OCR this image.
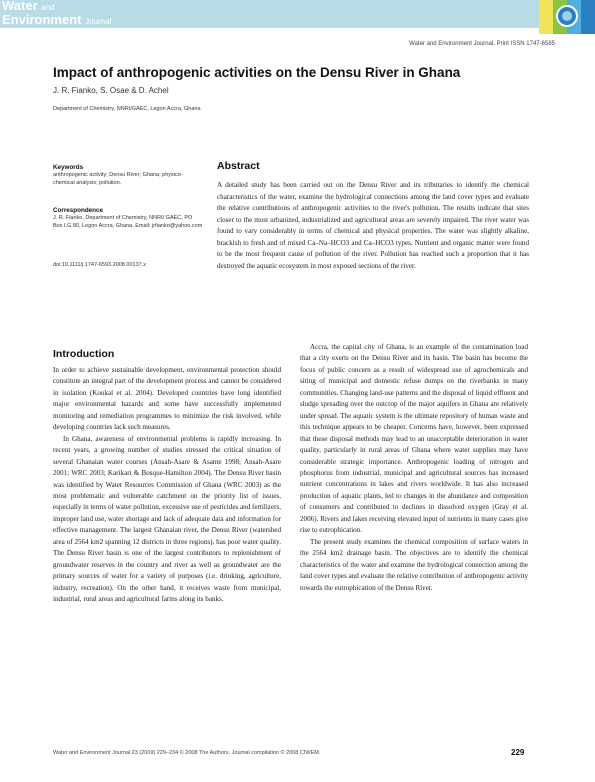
Water and
Environment Journal
Water and Environment Journal. Print ISSN 1747-6585
Impact of anthropogenic activities on the Densu River in Ghana
J. R. Fianko, S. Osae & D. Achel
Department of Chemistry, NNRI/GAEC, Legon Accra, Ghana
Keywords
anthropogenic activity; Densu River; Ghana; physico-chemical analysis; pollution.
Correspondence
J. R. Fianko, Department of Chemistry, NNRI/ GAEC, PO Box LG 80, Legon Accra, Ghana. Email: jrfianko@yahoo.com
doi:10.1111/j.1747-6593.2008.00137.x
Abstract
A detailed study has been carried out on the Densu River and its tributaries to identify the chemical characteristics of the water, examine the hydrological connections among the land cover types and evaluate the relative contributions of anthropogenic activities to the river's pollution. The results indicate that sites closer to the most urbanized, industrialized and agricultural areas are severely impaired. The river water was found to vary considerably in terms of chemical and physical properties. The water was slightly alkaline, brackish to fresh and of mixed Ca–Na–HCO3 and Ca–HCO3 types. Nutrient and organic matter were found to be the most frequent cause of pollution of the river. Pollution has reached such a proportion that it has destroyed the aquatic ecosystem in most exposed sections of the river.
Introduction

In order to achieve sustainable development, environmental protection should constitute an integral part of the development process and cannot be considered in isolation (Koukal et al. 2004). Developed countries have long identified major environmental hazards and some have successfully implemented monitoring and remediation programmes to minimize the risk involved, while developing countries lack such measures.

In Ghana, awareness of environmental problems is rapidly increasing. In recent years, a growing number of studies stressed the critical situation of several Ghanaian water courses (Ansah-Asare & Asante 1998; Ansah-Asare 2001; WRC 2003; Karikari & Bosque-Hamilton 2004). The Densu River basin was identified by Water Resources Commission of Ghana (WRC 2003) as the most problematic and vulnerable catchment on the priority list of issues, especially in terms of water pollution, excessive use of pesticides and fertilizers, improper land use, water shortage and lack of adequate data and information for effective management. The largest Ghanaian river, the Densu River (watershed area of 2564 km2 spanning 12 districts in three regions), has poor water quality. The Densu River basin is one of the largest contributors to replenishment of groundwater reserves in the country and river as well as groundwater are the primary sources of water for a variety of purposes (i.e. drinking, agriculture, industry, recreation). On the other hand, it receives waste from municipal, industrial, rural areas and agricultural farms along its banks.

Accra, the capital city of Ghana, is an example of the contamination load that a city exerts on the Densu River and its basin. The basin has become the focus of public concern as a result of widespread use of agrochemicals and siting of municipal and domestic refuse dumps on the riverbanks in many communities. Changing land-use patterns and the disposal of liquid effluent and sludge spreading over the outcrop of the major aquifers in Ghana are relatively under spread. The aquatic system is the ultimate repository of human waste and this technique appears to be cheaper. Concerns have, however, been expressed that these disposal methods may lead to an unacceptable deterioration in water quality, particularly in rural areas of Ghana where water supplies may have considerable strategic importance. Anthropogenic loading of nitrogen and phosphorus from industrial, municipal and agricultural sources has increased nutrient concentrations in lakes and rivers worldwide. It has also increased production of aquatic plants, led to changes in the abundance and composition of consumers and contributed to declines in dissolved oxygen (Gray et al. 2006). Rivers and lakes receiving elevated input of nutrients in many cases give rise to eutrophication.

The present study examines the chemical composition of surface waters in the 2564 km2 drainage basin. The objectives are to identify the chemical characteristics of the water and examine the hydrological connection among the land cover types and evaluate the relative contribution of anthropogenic activity towards the eutrophication of the Densu River.

Water and Environment Journal 23 (2009) 229–234 © 2008 The Authors. Journal compilation © 2008 CIWEM.	229
